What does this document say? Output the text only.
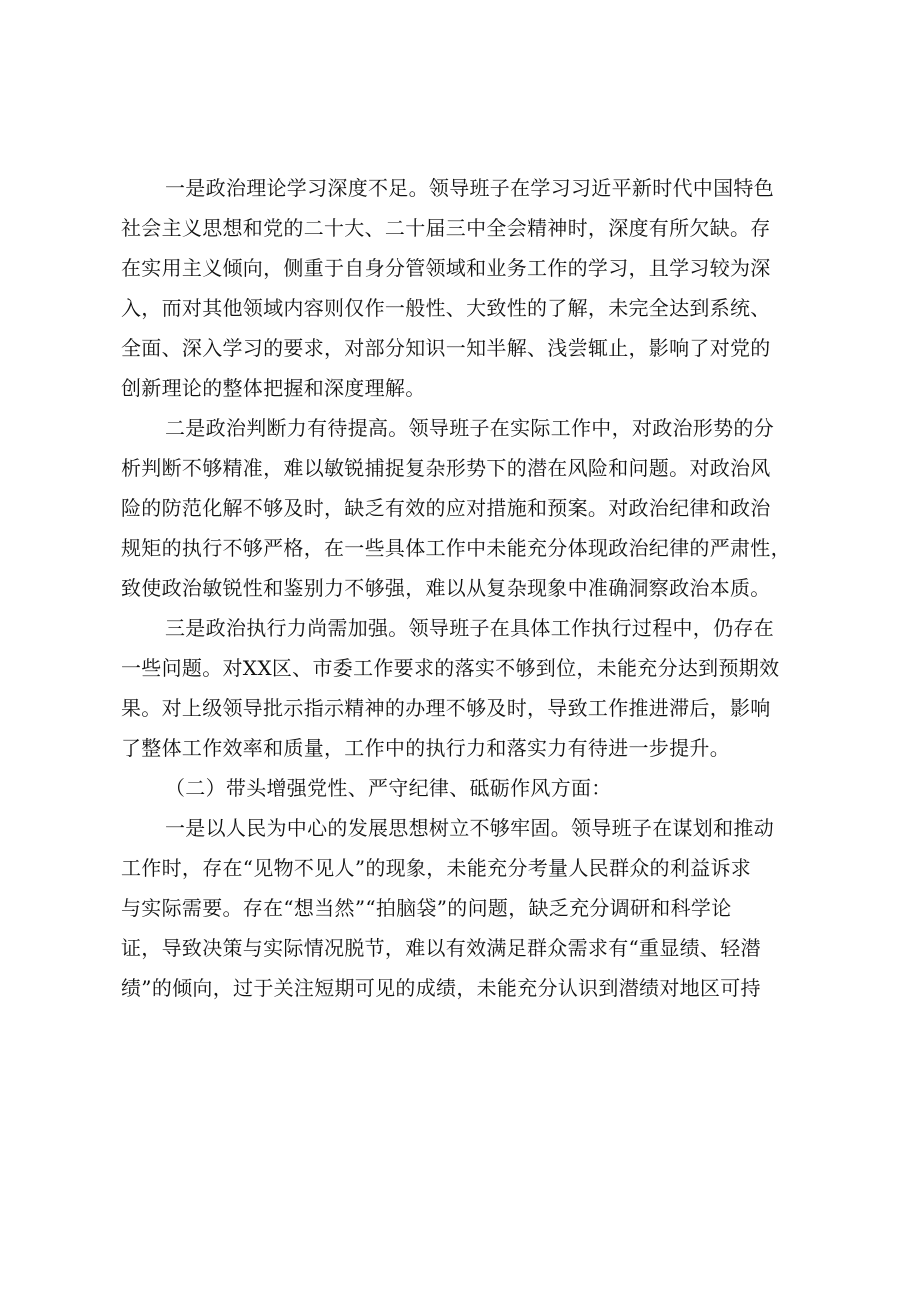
一是政治理论学习深度不足。领导班子在学习习近平新时代中国特色
社会主义思想和党的二十大、二十届三中全会精神时，深度有所欠缺。存
在实用主义倾向，侧重于自身分管领域和业务工作的学习，且学习较为深
入，而对其他领域内容则仅作一般性、大致性的了解，未完全达到系统、
全面、深入学习的要求，对部分知识一知半解、浅尝辄止，影响了对党的
创新理论的整体把握和深度理解。
二是政治判断力有待提高。领导班子在实际工作中，对政治形势的分
析判断不够精准，难以敏锐捕捉复杂形势下的潜在风险和问题。对政治风
险的防范化解不够及时，缺乏有效的应对措施和预案。对政治纪律和政治
规矩的执行不够严格，在一些具体工作中未能充分体现政治纪律的严肃性，
致使政治敏锐性和鉴别力不够强，难以从复杂现象中准确洞察政治本质。
三是政治执行力尚需加强。领导班子在具体工作执行过程中，仍存在
一些问题。对XX区、市委工作要求的落实不够到位，未能充分达到预期效
果。对上级领导批示指示精神的办理不够及时，导致工作推进滞后，影响
了整体工作效率和质量，工作中的执行力和落实力有待进一步提升。
（二）带头增强党性、严守纪律、砥砺作风方面：
一是以人民为中心的发展思想树立不够牢固。领导班子在谋划和推动
工作时，存在“见物不见人”的现象，未能充分考量人民群众的利益诉求
与实际需要。存在“想当然”“拍脑袋”的问题，缺乏充分调研和科学论
证，导致决策与实际情况脱节，难以有效满足群众需求有“重显绩、轻潜
绩”的倾向，过于关注短期可见的成绩，未能充分认识到潜绩对地区可持
